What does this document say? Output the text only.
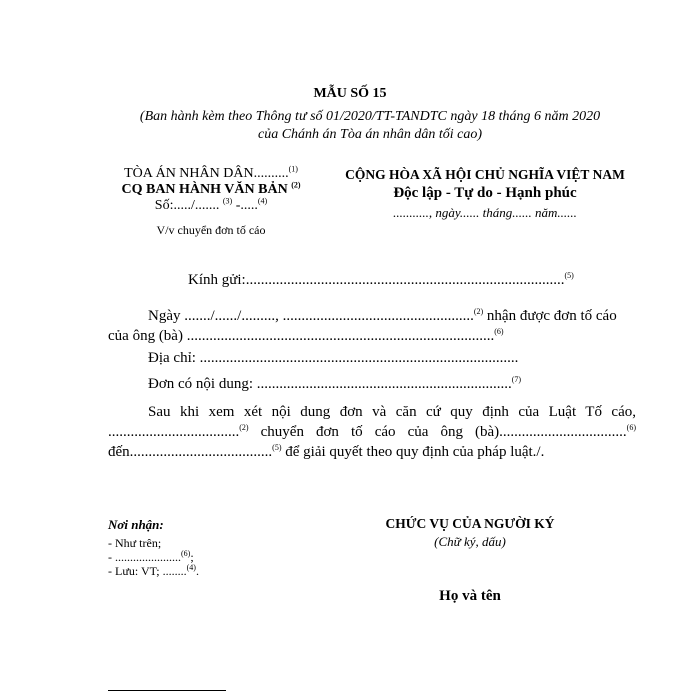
MẪU SỐ 15
(Ban hành kèm theo Thông tư số 01/2020/TT-TANDTC ngày 18 tháng 6 năm 2020
của Chánh án Tòa án nhân dân tối cao)
TÒA ÁN NHÂN DÂN..........$^{(1)}$
CQ BAN HÀNH VĂN BẢN $^{(2)}$
Số:...../....... $^{(3)}$ -.....$^{(4)}$
V/v chuyển đơn tố cáo
CỘNG HÒA XÃ HỘI CHỦ NGHĨA VIỆT NAM
Độc lập - Tự do - Hạnh phúc
..........., ngày...... tháng...... năm......
Kính gửi:.....................................................................................$^{(5)}$
Ngày ......./....../........., ...................................................$^{(2)}$ nhận được đơn tố cáo của ông (bà) ..................................................................................$^{(6)}$
Địa chỉ: .....................................................................................
Đơn có nội dung: ....................................................................$^{(7)}$
Sau khi xem xét nội dung đơn và căn cứ quy định của Luật Tố cáo, ...................................$^{(2)}$ chuyển đơn tố cáo của ông (bà)..................................$^{(6)}$ đến......................................$^{(5)}$ để giải quyết theo quy định của pháp luật./.
Nơi nhận:
- Như trên;
- ......................$^{(6)}$;
- Lưu: VT; ........$^{(4)}$.
CHỨC VỤ CỦA NGƯỜI KÝ
(Chữ ký, dấu)
Họ và tên
